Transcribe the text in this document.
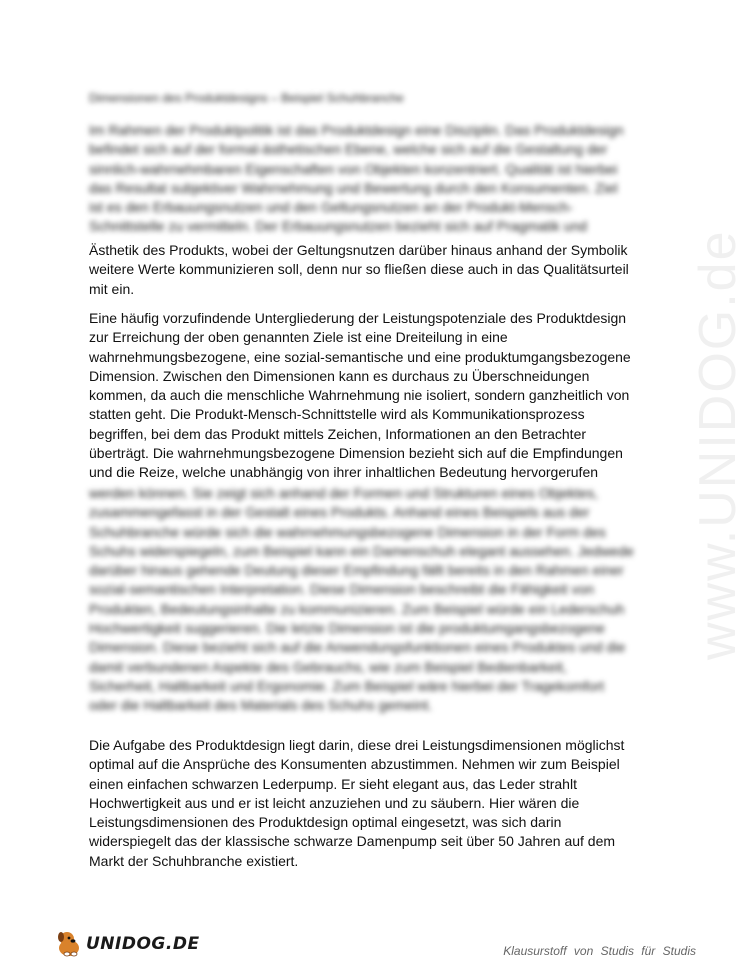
www.UNIDOG.de
Dimensionen des Produktdesigns – Beispiel Schuhbranche
Im Rahmen der Produktpolitik ist das Produktdesign eine Disziplin. Das Produktdesign
befindet sich auf der formal-ästhetischen Ebene, welche sich auf die Gestaltung der
sinnlich-wahrnehmbaren Eigenschaften von Objekten konzentriert. Qualität ist hierbei
das Resultat subjektiver Wahrnehmung und Bewertung durch den Konsumenten. Ziel
ist es den Erbauungsnutzen und den Geltungsnutzen an der Produkt-Mensch-
Schnittstelle zu vermitteln. Der Erbauungsnutzen bezieht sich auf Pragmatik und
Ästhetik des Produkts, wobei der Geltungsnutzen darüber hinaus anhand der Symbolik
weitere Werte kommunizieren soll, denn nur so fließen diese auch in das Qualitätsurteil
mit ein.
Eine häufig vorzufindende Untergliederung der Leistungspotenziale des Produktdesign
zur Erreichung der oben genannten Ziele ist eine Dreiteilung in eine
wahrnehmungsbezogene, eine sozial-semantische und eine produktumgangsbezogene
Dimension. Zwischen den Dimensionen kann es durchaus zu Überschneidungen
kommen, da auch die menschliche Wahrnehmung nie isoliert, sondern ganzheitlich von
statten geht. Die Produkt-Mensch-Schnittstelle wird als Kommunikationsprozess
begriffen, bei dem das Produkt mittels Zeichen, Informationen an den Betrachter
überträgt. Die wahrnehmungsbezogene Dimension bezieht sich auf die Empfindungen
und die Reize, welche unabhängig von ihrer inhaltlichen Bedeutung hervorgerufen
werden können. Sie zeigt sich anhand der Formen und Strukturen eines Objektes,
zusammengefasst in der Gestalt eines Produkts. Anhand eines Beispiels aus der
Schuhbranche würde sich die wahrnehmungsbezogene Dimension in der Form des
Schuhs widerspiegeln, zum Beispiel kann ein Damenschuh elegant aussehen. Jedwede
darüber hinaus gehende Deutung dieser Empfindung fällt bereits in den Rahmen einer
sozial-semantischen Interpretation. Diese Dimension beschreibt die Fähigkeit von
Produkten, Bedeutungsinhalte zu kommunizieren. Zum Beispiel würde ein Lederschuh
Hochwertigkeit suggerieren. Die letzte Dimension ist die produktumgangsbezogene
Dimension. Diese bezieht sich auf die Anwendungsfunktionen eines Produktes und die
damit verbundenen Aspekte des Gebrauchs, wie zum Beispiel Bedienbarkeit,
Sicherheit, Haltbarkeit und Ergonomie. Zum Beispiel wäre hierbei der Tragekomfort
oder die Haltbarkeit des Materials des Schuhs gemeint.
Die Aufgabe des Produktdesign liegt darin, diese drei Leistungsdimensionen möglichst
optimal auf die Ansprüche des Konsumenten abzustimmen. Nehmen wir zum Beispiel
einen einfachen schwarzen Lederpump. Er sieht elegant aus, das Leder strahlt
Hochwertigkeit aus und er ist leicht anzuziehen und zu säubern. Hier wären die
Leistungsdimensionen des Produktdesign optimal eingesetzt, was sich darin
widerspiegelt das der klassische schwarze Damenpump seit über 50 Jahren auf dem
Markt der Schuhbranche existiert.
UNIDOG.DE	Klausurstoff von Studis für Studis
